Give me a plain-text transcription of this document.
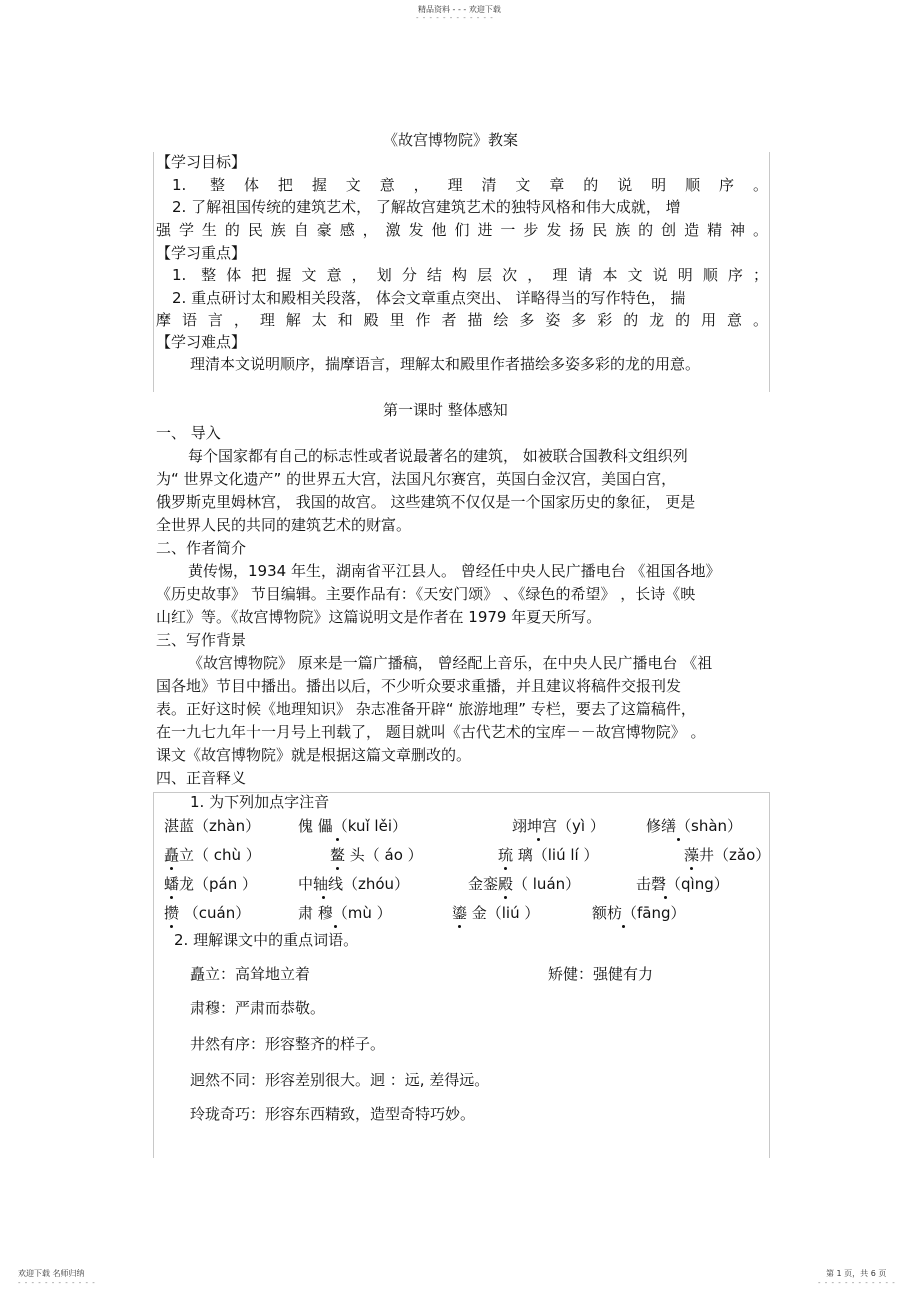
精品资料 - - - 欢迎下载
- - - - - - - - - - - -
《故宫博物院》教案
【学习目标】
1. 整体把握文意，理清文章的说明顺序。
2. 了解祖国传统的建筑艺术， 了解故宫建筑艺术的独特风格和伟大成就， 增
强学生的民族自豪感，激发他们进一步发扬民族的创造精神。
【学习重点】
1. 整体把握文意，划分结构层次，理请本文说明顺序；
2. 重点研讨太和殿相关段落， 体会文章重点突出、 详略得当的写作特色， 揣
摩语言，理解太和殿里作者描绘多姿多彩的龙的用意。
【学习难点】
理清本文说明顺序，揣摩语言，理解太和殿里作者描绘多姿多彩的龙的用意。
第一课时 整体感知
一、 导入
每个国家都有自己的标志性或者说最著名的建筑， 如被联合国教科文组织列
为“ 世界文化遗产” 的世界五大宫，法国凡尔赛宫，英国白金汉宫，美国白宫，
俄罗斯克里姆林宫， 我国的故宫。 这些建筑不仅仅是一个国家历史的象征， 更是
全世界人民的共同的建筑艺术的财富。
二、作者简介
黄传惕，1934 年生，湖南省平江县人。 曾经任中央人民广播电台 《祖国各地》
《历史故事》 节目编辑。主要作品有：《天安门颂》 、《绿色的希望》 ，长诗《映
山红》等。《故宫博物院》这篇说明文是作者在 1979 年夏天所写。
三、写作背景
《故宫博物院》 原来是一篇广播稿， 曾经配上音乐，在中央人民广播电台 《祖
国各地》节目中播出。播出以后，不少听众要求重播，并且建议将稿件交报刊发
表。正好这时候《地理知识》 杂志准备开辟“ 旅游地理” 专栏，要去了这篇稿件，
在一九七九年十一月号上刊载了， 题目就叫《古代艺术的宝库－－故宫博物院》 。
课文《故宫博物院》就是根据这篇文章删改的。
四、正音释义
1. 为下列加点字注音
湛蓝（zhàn）	傀 儡（kuǐ lěi）	翊坤宫（yì ）	修缮（shàn）
矗立（ chù ）	鳌 头（ áo ）	琉 璃（liú lí ）	藻井（zǎo）
蟠龙（pán ）	中轴线（zhóu）	金銮殿（ luán）	击磬（qìng）
攒 （cuán）	肃 穆（mù ）	鎏 金（liú ）	额枋（fāng）
2. 理解课文中的重点词语。
矗立：高耸地立着	矫健：强健有力
肃穆：严肃而恭敬。
井然有序：形容整齐的样子。
迥然不同：形容差别很大。迥 ：远, 差得远。
玲珑奇巧：形容东西精致，造型奇特巧妙。
欢迎下载 名师归纳
- - - - - - - - - - - -
第 1 页，共 6 页
- - - - - - - - - - - -
